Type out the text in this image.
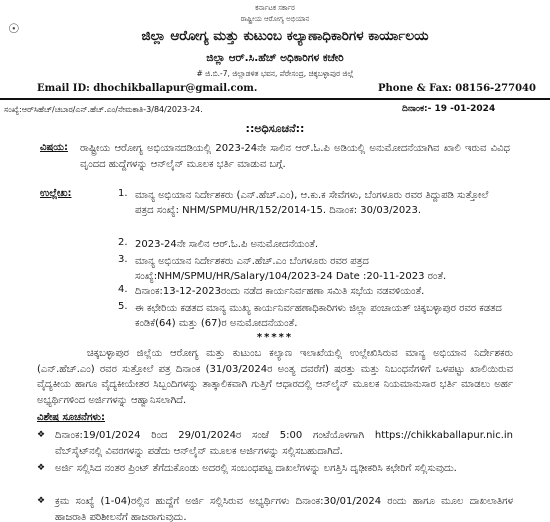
ಕರ್ನಾಟಕ ಸರ್ಕಾರ
☉
ರಾಷ್ಟ್ರೀಯ ಆರೋಗ್ಯ ಅಭಿಯಾನ
ಜಿಲ್ಲಾ ಆರೋಗ್ಯ ಮತ್ತು ಕುಟುಂಬ ಕಲ್ಯಾಣಾಧಿಕಾರಿಗಳ ಕಾರ್ಯಾಲಯ
ಜಿಲ್ಲಾ ಆರ್.ಸಿ.ಹೆಚ್ ಅಧಿಕಾರಿಗಳ ಕಚೇರಿ
# ಜಿ.ಬಿ.-7, ಜಿಲ್ಲಾಡಳಿತ ಭವನ, ಪೆರೇಸಂದ್ರ, ಚಿಕ್ಕಬಳ್ಳಾಪುರ ಜಿಲ್ಲೆ
Email ID: dhochikballapur@gmail.com.	Phone & Fax: 08156-277040
ಸಂಖ್ಯೆ:ಆರ್‌ಸಿಹೆಚ್/ಚಬಾರ/ಎನ್.ಹೆಚ್.ಎಂ/ನೇಮಕಾತಿ-3/84/2023-24.	ದಿನಾಂಕ:- 19 -01-2024
::ಅಧಿಸೂಚನೆ::
ವಿಷಯ: ರಾಷ್ಟ್ರೀಯ ಆರೋಗ್ಯ ಅಭಿಯಾನದಡಿಯಲ್ಲಿ 2023-24ನೇ ಸಾಲಿನ ಆರ್.ಓ.ಪಿ ಅಡಿಯಲ್ಲಿ ಅನುಮೋದನೆಯಾಗಿವ ಖಾಲಿ ಇರುವ ವಿವಿಧ ವೃಂದದ ಹುದ್ದೆಗಳನ್ನು ಆನ್‌ಲೈನ್ ಮೂಲಕ ಭರ್ತಿ ಮಾಡುವ ಬಗ್ಗೆ.
ಉಲ್ಲೇಖ:	1. ಮಾನ್ಯ ಅಭಿಯಾನ ನಿರ್ದೇಶಕರು (ಎನ್.ಹೆಚ್.ಎಂ), ಆ.ಕು.ಕ ಸೇವೆಗಳು, ಬೆಂಗಳೂರು ರವರ ತಿದ್ದುಪಡಿ ಸುತ್ತೋಲೆ ಪತ್ರದ ಸಂಖ್ಯೆ: NHM/SPMU/HR/152/2014-15. ದಿನಾಂಕ: 30/03/2023.
2. 2023-24ನೇ ಸಾಲಿನ ಆರ್.ಓ.ಪಿ ಅನುಮೋದನೆಯಂತೆ.
3. ಮಾನ್ಯ ಅಭಿಯಾನ ನಿರ್ದೇಶಕರು ಎನ್.ಹೆಚ್.ಎಂ ಬೆಂಗಳೂರು ರವರ ಪತ್ರದ ಸಂಖ್ಯೆ:NHM/SPMU/HR/Salary/104/2023-24 Date :20-11-2023 ರಂತೆ.
4. ದಿನಾಂಕ:13-12-2023ರಂದು ನಡೆದ ಕಾರ್ಯನಿರ್ವಹಣಾ ಸಮಿತಿ ಸಭೆಯ ನಡವಳಿಯಂತೆ.
5. ಈ ಕಛೇರಿಯ ಕಡತದ ಮಾನ್ಯ ಮುಖ್ಯ ಕಾರ್ಯನಿರ್ವಹಣಾಧಿಕಾರಿಗಳು ಜಿಲ್ಲಾ ಪಂಚಾಯತ್ ಚಿಕ್ಕಬಳ್ಳಾಪುರ ರವರ ಕಡತದ ಕಂಡಿಕೆ(64) ಮತ್ತು (67)ರ ಅನುಮೋದನೆಯಂತೆ.
*****
ಚಿಕ್ಕಬಳ್ಳಾಪುರ ಜಿಲ್ಲೆಯ ಆರೋಗ್ಯ ಮತ್ತು ಕುಟುಂಬ ಕಲ್ಯಾಣ ಇಲಾಖೆಯಲ್ಲಿ ಉಲ್ಲೇಖಿಸಿರುವ ಮಾನ್ಯ ಅಭಿಯಾನ ನಿರ್ದೇಶಕರು (ಎನ್.ಹೆಚ್.ಎಂ) ರವರ ಸುತ್ತೋಲೆ ಪತ್ರ ದಿನಾಂಕ (31/03/2024ರ ಅಂತ್ಯ ದವರೆಗೆ) ಷರತ್ತು ಮತ್ತು ನಿಬಂಧನೆಗಳಿಗೆ ಒಳಪಟ್ಟು ಖಾಲಿಯಿರುವ ವೈದ್ಯಕೀಯ ಹಾಗೂ ವೈದ್ಯಕೀಯೇತರ ಸಿಬ್ಬಂದಿಗಳನ್ನು ತಾತ್ಕಾಲಿಕವಾಗಿ ಗುತ್ತಿಗೆ ಆಧಾರದಲ್ಲಿ ಆನ್‌ಲೈನ್ ಮೂಲಕ ನಿಯಮಾನುಸಾರ ಭರ್ತಿ ಮಾಡಲು ಅರ್ಹ ಅಭ್ಯರ್ಥಿಗಳಿಂದ ಅರ್ಜಿಗಳನ್ನು ಆಹ್ವಾನಿಸಲಾಗಿದೆ.
ವಿಶೇಷ ಸೂಚನೆಗಳು:
❖ ದಿನಾಂಕ:19/01/2024 ರಿಂದ 29/01/2024ರ ಸಂಜೆ 5:00 ಗಂಟೆಯೊಳಗಾಗಿ https://chikkaballapur.nic.in ವೆಬ್‌ಸೈಟ್‌ನಲ್ಲಿ ವಿವರಗಳನ್ನು ಪಡೆದು ಆನ್‌ಲೈನ್ ಮೂಲಕ ಅರ್ಜಿಗಳನ್ನು ಸಲ್ಲಿಸಬಹುದಾಗಿದೆ.
❖ ಅರ್ಜಿ ಸಲ್ಲಿಸಿದ ನಂತರ ಪ್ರಿಂಟ್ ತೆಗೆದುಕೊಂಡು ಅದರಲ್ಲಿ ಸಂಬಂಧಪಟ್ಟ ದಾಖಲೆಗಳನ್ನು ಲಗತ್ತಿಸಿ ದೃಢೀಕರಿಸಿ ಕಛೇರಿಗೆ ಸಲ್ಲಿಸುವುದು.
❖ ಕ್ರಮ ಸಂಖ್ಯೆ (1-04)ರಲ್ಲಿನ ಹುದ್ದೆಗೆ ಅರ್ಜಿ ಸಲ್ಲಿಸಿರುವ ಅಭ್ಯರ್ಥಿಗಳು ದಿನಾಂಕ:30/01/2024 ರಂದು ಹಾಗೂ ಮೂಲ ದಾಖಲಾತಿಗಳ ಹಾಜರಾತಿ ಪರಿಶೀಲನೆಗೆ ಹಾಜರಾಗುವುದು.
